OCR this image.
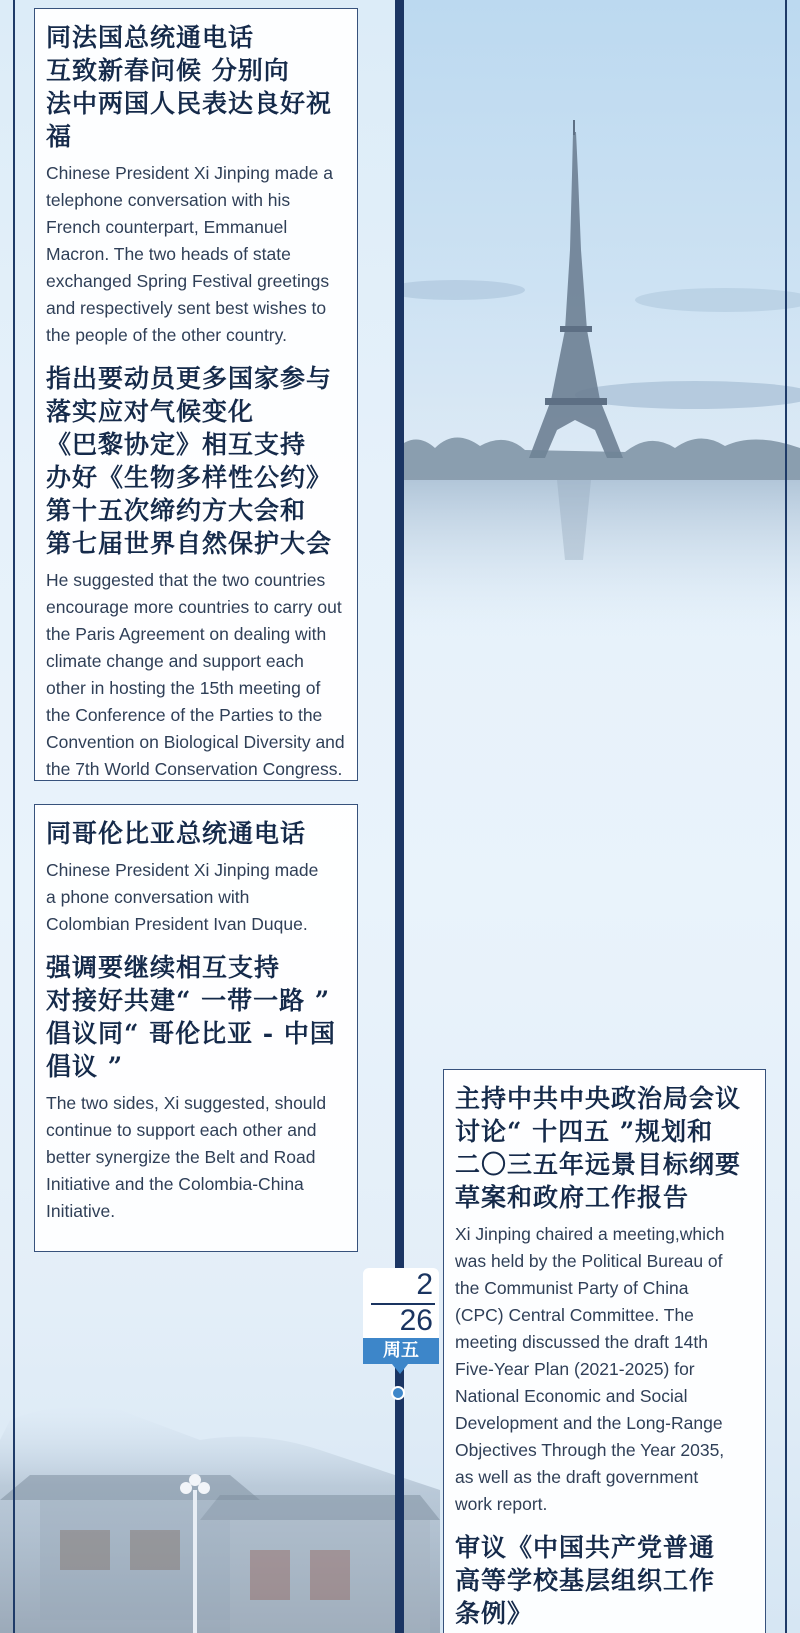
同法国总统通电话
互致新春问候 分别向
法中两国人民表达良好祝福

Chinese President Xi Jinping made a
telephone conversation with his
French counterpart, Emmanuel
Macron. The two heads of state
exchanged Spring Festival greetings
and respectively sent best wishes to
the people of the other country.

指出要动员更多国家参与
落实应对气候变化
《巴黎协定》相互支持
办好《生物多样性公约》
第十五次缔约方大会和
第七届世界自然保护大会

He suggested that the two countries
encourage more countries to carry out
the Paris Agreement on dealing with
climate change and support each
other in hosting the 15th meeting of
the Conference of the Parties to the
Convention on Biological Diversity and
the 7th World Conservation Congress.

同哥伦比亚总统通电话

Chinese President Xi Jinping made
a phone conversation with
Colombian President Ivan Duque.

强调要继续相互支持
对接好共建“ 一带一路 ”
倡议同“ 哥伦比亚 - 中国
倡议 ”

The two sides, Xi suggested, should
continue to support each other and
better synergize the Belt and Road
Initiative and the Colombia-China
Initiative.

2
26
周五

主持中共中央政治局会议
讨论“ 十四五 ”规划和
二〇三五年远景目标纲要
草案和政府工作报告

Xi Jinping chaired a meeting,which
was held by the Political Bureau of
the Communist Party of China
(CPC) Central Committee. The
meeting discussed the draft 14th
Five-Year Plan (2021-2025) for
National Economic and Social
Development and the Long-Range
Objectives Through the Year 2035,
as well as the draft government
work report.

审议《中国共产党普通
高等学校基层组织工作
条例》
